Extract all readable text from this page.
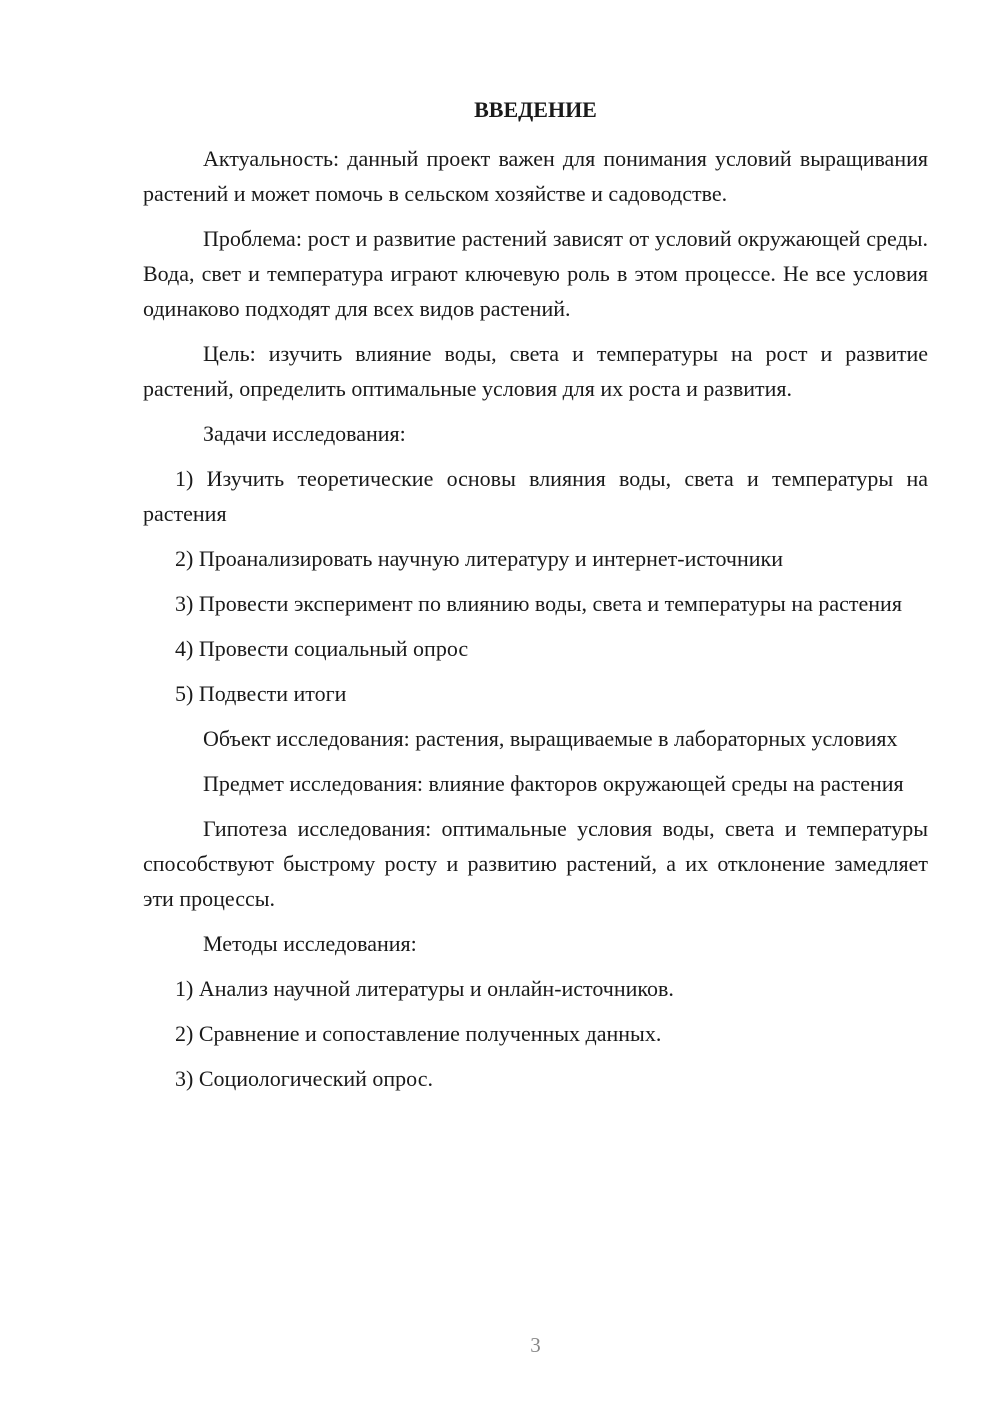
ВВЕДЕНИЕ

Актуальность: данный проект важен для понимания условий выращивания растений и может помочь в сельском хозяйстве и садоводстве.

Проблема: рост и развитие растений зависят от условий окружающей среды. Вода, свет и температура играют ключевую роль в этом процессе. Не все условия одинаково подходят для всех видов растений.

Цель: изучить влияние воды, света и температуры на рост и развитие растений, определить оптимальные условия для их роста и развития.

Задачи исследования:

1) Изучить теоретические основы влияния воды, света и температуры на растения

2) Проанализировать научную литературу и интернет-источники

3) Провести эксперимент по влиянию воды, света и температуры на растения

4) Провести социальный опрос

5) Подвести итоги

Объект исследования: растения, выращиваемые в лабораторных условиях

Предмет исследования: влияние факторов окружающей среды на растения

Гипотеза исследования: оптимальные условия воды, света и температуры способствуют быстрому росту и развитию растений, а их отклонение замедляет эти процессы.

Методы исследования:

1) Анализ научной литературы и онлайн-источников.

2) Сравнение и сопоставление полученных данных.

3) Социологический опрос.

3
